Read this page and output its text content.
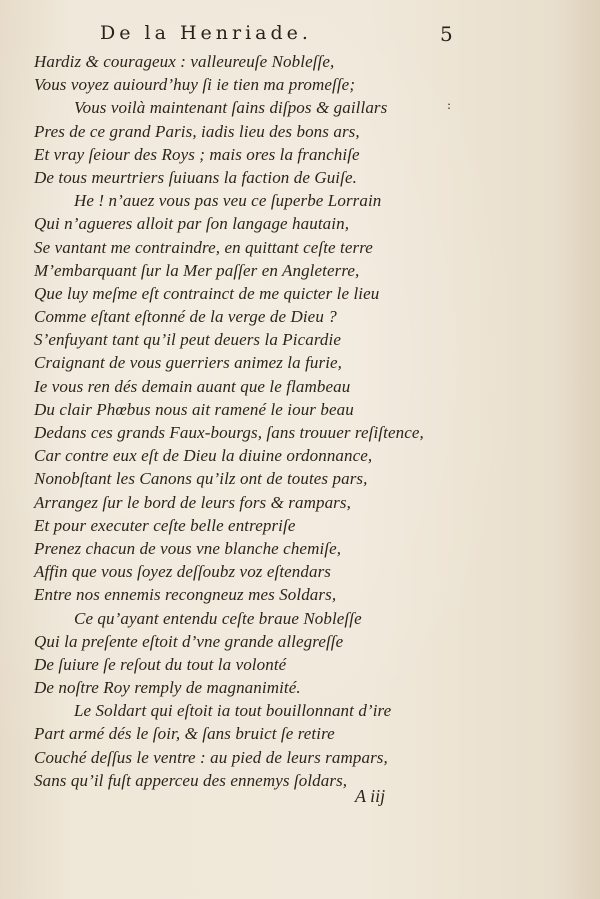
De la Henriade.	5
:
Hardiz & courageux : valleureuſe Nobleſſe,
Vous voyez auiourd’huy ſi ie tien ma promeſſe;
Vous voilà maintenant ſains diſpos & gaillars
Pres de ce grand Paris, iadis lieu des bons ars,
Et vray ſeiour des Roys ; mais ores la franchiſe
De tous meurtriers ſuiuans la faction de Guiſe.
He ! n’auez vous pas veu ce ſuperbe Lorrain
Qui n’agueres alloit par ſon langage hautain,
Se vantant me contraindre, en quittant ceſte terre
M’embarquant ſur la Mer paſſer en Angleterre,
Que luy meſme eſt contrainct de me quicter le lieu
Comme eſtant eſtonné de la verge de Dieu ?
S’enfuyant tant qu’il peut deuers la Picardie
Craignant de vous guerriers animez la furie,
Ie vous ren dés demain auant que le flambeau
Du clair Phœbus nous ait ramené le iour beau
Dedans ces grands Faux-bourgs, ſans trouuer reſiſtence,
Car contre eux eſt de Dieu la diuine ordonnance,
Nonobſtant les Canons qu’ilz ont de toutes pars,
Arrangez ſur le bord de leurs fors & rampars,
Et pour executer ceſte belle entrepriſe
Prenez chacun de vous vne blanche chemiſe,
Affin que vous ſoyez deſſoubz voz eſtendars
Entre nos ennemis recongneuz mes Soldars,
Ce qu’ayant entendu ceſte braue Nobleſſe
Qui la preſente eſtoit d’vne grande allegreſſe
De ſuiure ſe reſout du tout la volonté
De noſtre Roy remply de magnanimité.
Le Soldart qui eſtoit ia tout bouillonnant d’ire
Part armé dés le ſoir, & ſans bruict ſe retire
Couché deſſus le ventre : au pied de leurs rampars,
Sans qu’il fuſt apperceu des ennemys ſoldars,
A iij
